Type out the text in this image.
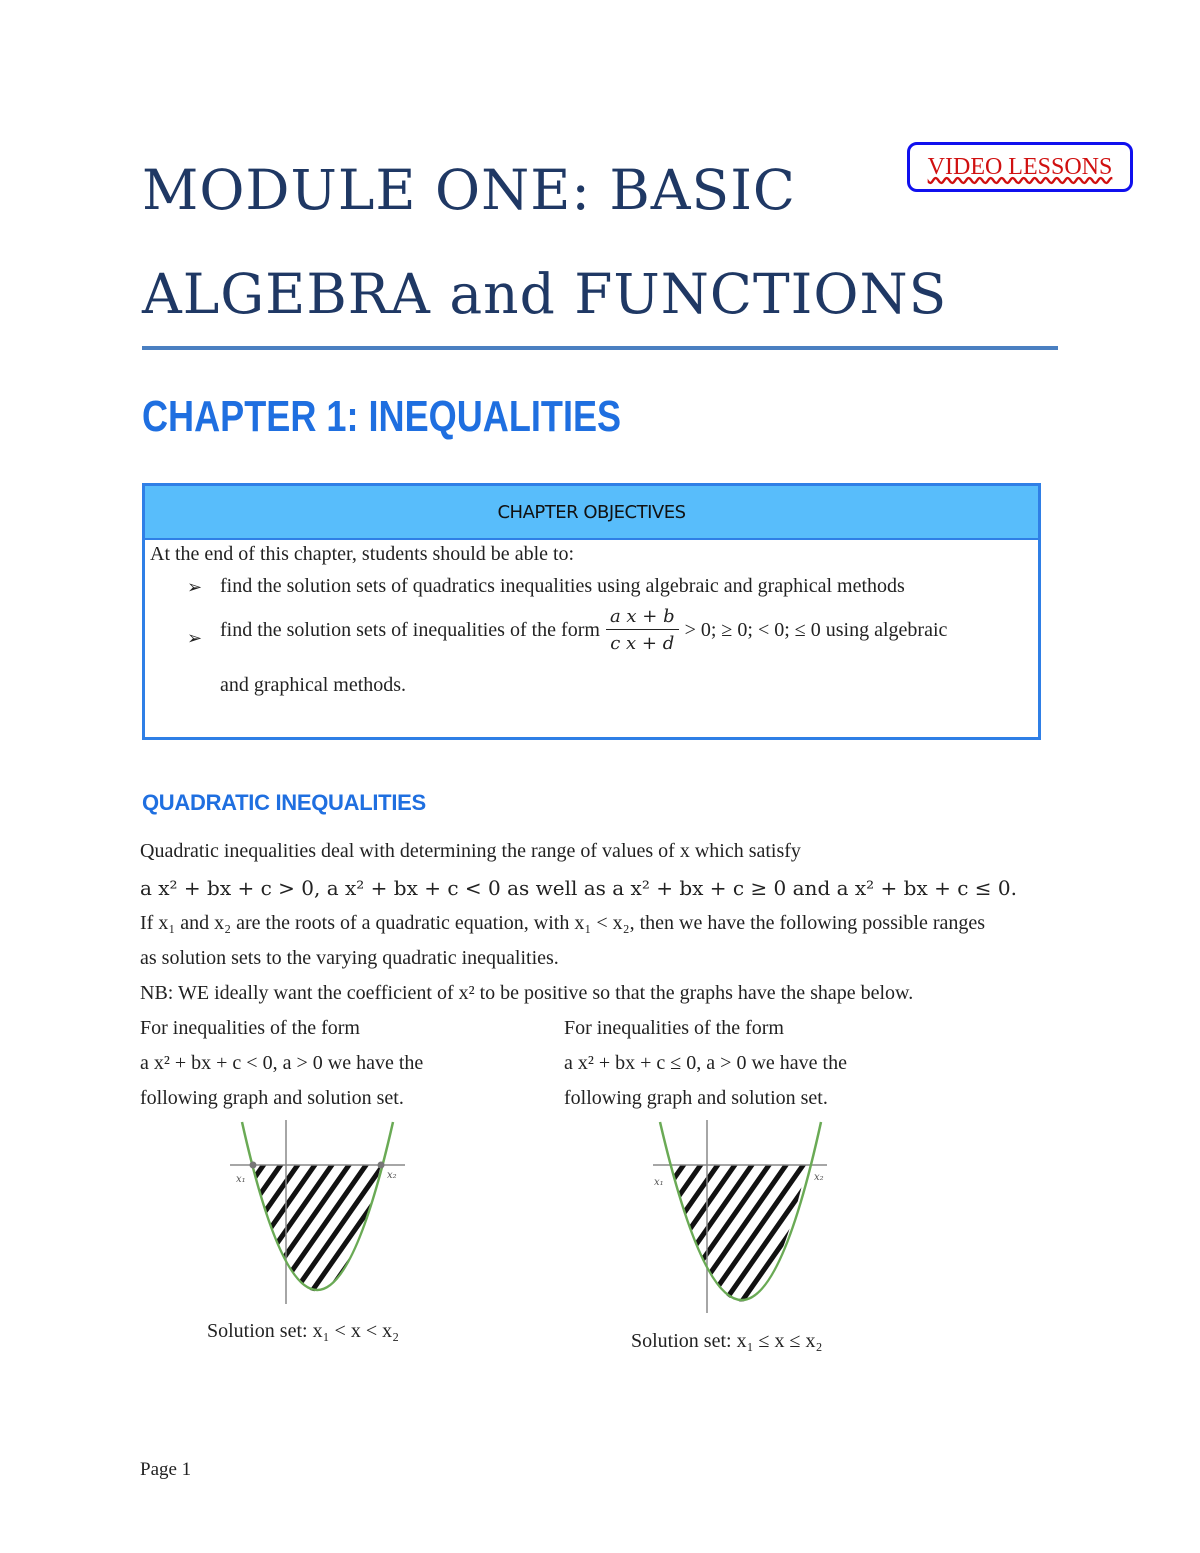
MODULE ONE: BASIC
ALGEBRA and FUNCTIONS
VIDEO LESSONS
CHAPTER 1: INEQUALITIES
CHAPTER OBJECTIVES
At the end of this chapter, students should be able to:
➢ find the solution sets of quadratics inequalities using algebraic and graphical methods
➢ find the solution sets of inequalities of the form $\frac{\text{a x + b}}{\text{c x + d}} > 0$; ≥ 0; < 0; ≤ 0 using algebraic
and graphical methods.
QUADRATIC INEQUALITIES
Quadratic inequalities deal with determining the range of values of x which satisfy
a x² + bx + c > 0, a x² + bx + c < 0 as well as a x² + bx + c ≥ 0 and a x² + bx + c ≤ 0.
If x₁ and x₂ are the roots of a quadratic equation, with x₁ < x₂, then we have the following possible ranges
as solution sets to the varying quadratic inequalities.
NB: WE ideally want the coefficient of x² to be positive so that the graphs have the shape below.
For inequalities of the form
a x² + bx + c < 0, a > 0 we have the
following graph and solution set.
For inequalities of the form
a x² + bx + c ≤ 0, a > 0 we have the
following graph and solution set.
x₁	x₂
x₁	x₂
Solution set: x₁ < x < x₂	Solution set: x₁ ≤ x ≤ x₂
Page 1
